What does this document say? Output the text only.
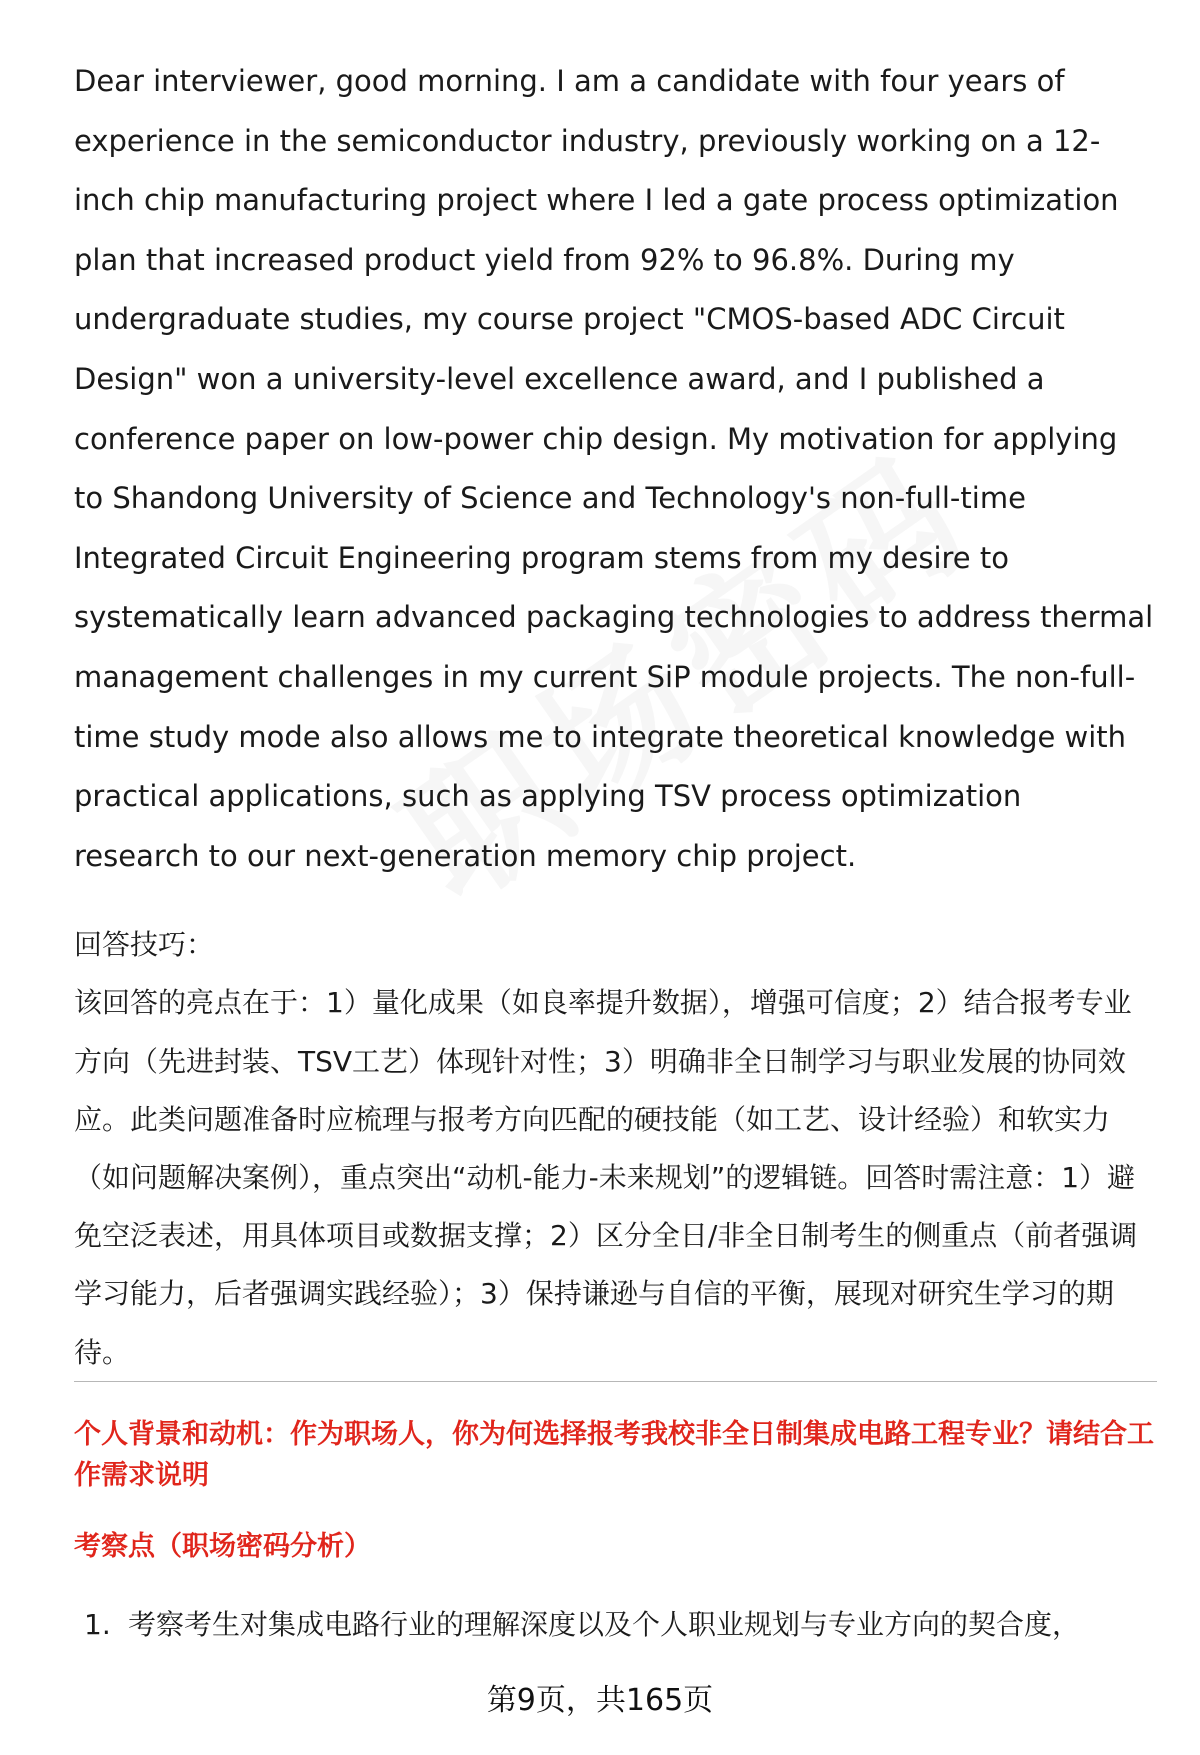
Dear interviewer, good morning. I am a candidate with four years of experience in the semiconductor industry, previously working on a 12-inch chip manufacturing project where I led a gate process optimization plan that increased product yield from 92% to 96.8%. During my undergraduate studies, my course project "CMOS-based ADC Circuit Design" won a university-level excellence award, and I published a conference paper on low-power chip design. My motivation for applying to Shandong University of Science and Technology's non-full-time Integrated Circuit Engineering program stems from my desire to systematically learn advanced packaging technologies to address thermal management challenges in my current SiP module projects. The non-full-time study mode also allows me to integrate theoretical knowledge with practical applications, such as applying TSV process optimization research to our next-generation memory chip project.

回答技巧：

该回答的亮点在于：1）量化成果（如良率提升数据），增强可信度；2）结合报考专业方向（先进封装、TSV工艺）体现针对性；3）明确非全日制学习与职业发展的协同效应。此类问题准备时应梳理与报考方向匹配的硬技能（如工艺、设计经验）和软实力（如问题解决案例），重点突出“动机-能力-未来规划”的逻辑链。回答时需注意：1）避免空泛表述，用具体项目或数据支撑；2）区分全日/非全日制考生的侧重点（前者强调学习能力，后者强调实践经验）；3）保持谦逊与自信的平衡，展现对研究生学习的期待。

个人背景和动机：作为职场人，你为何选择报考我校非全日制集成电路工程专业？请结合工作需求说明
考察点（职场密码分析）
1. 考察考生对集成电路行业的理解深度以及个人职业规划与专业方向的契合度，
第9页，共165页
